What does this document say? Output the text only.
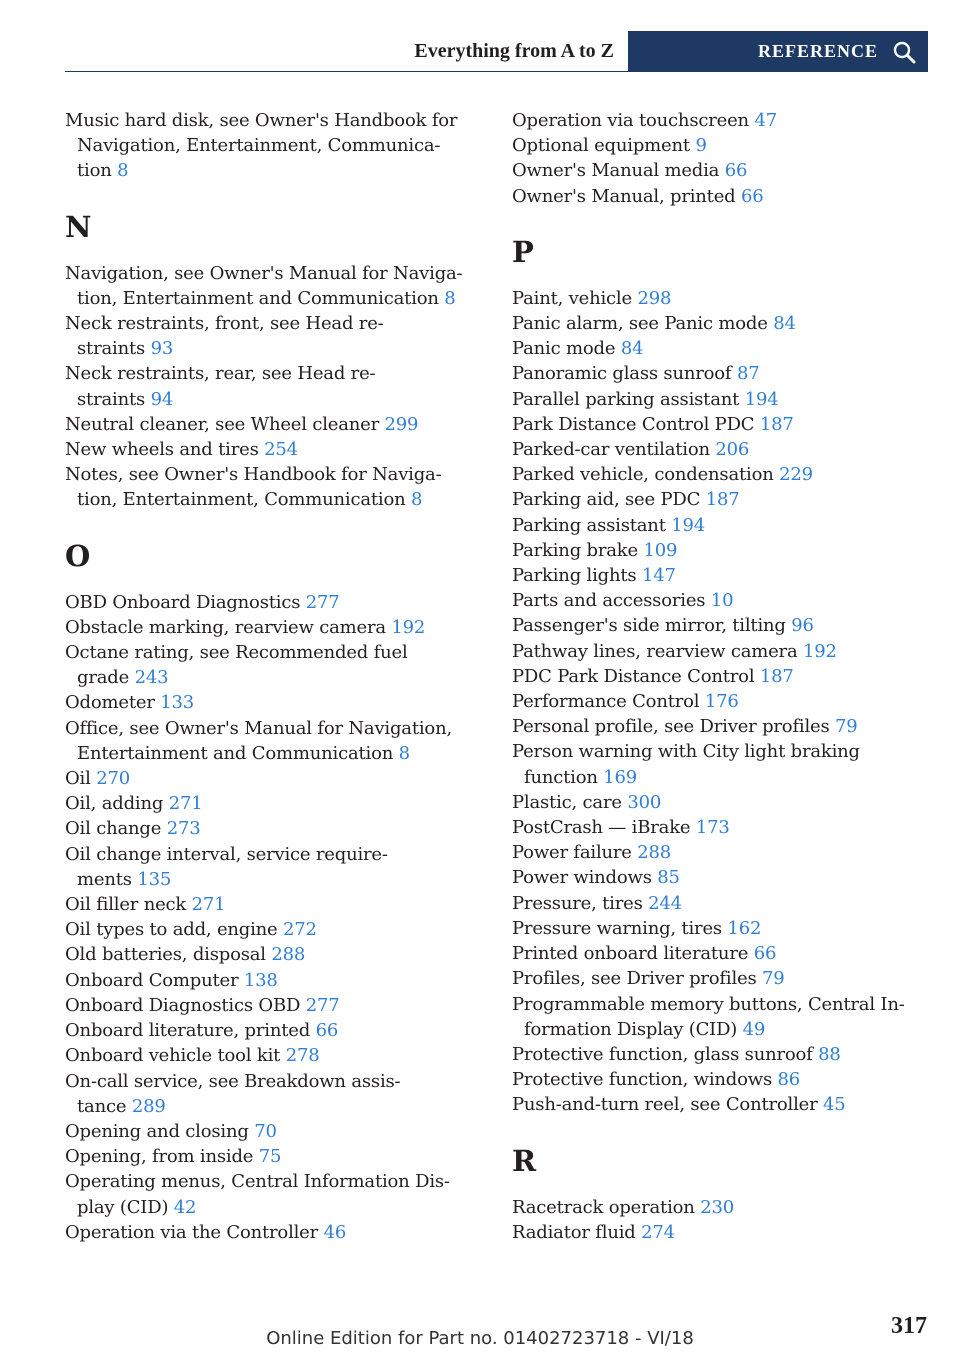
Everything from A to Z	REFERENCE
Music hard disk, see Owner's Handbook for
Navigation, Entertainment, Communica-
tion 8
N
Navigation, see Owner's Manual for Naviga-
tion, Entertainment and Communication 8
Neck restraints, front, see Head re-
straints 93
Neck restraints, rear, see Head re-
straints 94
Neutral cleaner, see Wheel cleaner 299
New wheels and tires 254
Notes, see Owner's Handbook for Naviga-
tion, Entertainment, Communication 8
O
OBD Onboard Diagnostics 277
Obstacle marking, rearview camera 192
Octane rating, see Recommended fuel
grade 243
Odometer 133
Office, see Owner's Manual for Navigation,
Entertainment and Communication 8
Oil 270
Oil, adding 271
Oil change 273
Oil change interval, service require-
ments 135
Oil filler neck 271
Oil types to add, engine 272
Old batteries, disposal 288
Onboard Computer 138
Onboard Diagnostics OBD 277
Onboard literature, printed 66
Onboard vehicle tool kit 278
On-call service, see Breakdown assis-
tance 289
Opening and closing 70
Opening, from inside 75
Operating menus, Central Information Dis-
play (CID) 42
Operation via the Controller 46
Operation via touchscreen 47
Optional equipment 9
Owner's Manual media 66
Owner's Manual, printed 66
P
Paint, vehicle 298
Panic alarm, see Panic mode 84
Panic mode 84
Panoramic glass sunroof 87
Parallel parking assistant 194
Park Distance Control PDC 187
Parked-car ventilation 206
Parked vehicle, condensation 229
Parking aid, see PDC 187
Parking assistant 194
Parking brake 109
Parking lights 147
Parts and accessories 10
Passenger's side mirror, tilting 96
Pathway lines, rearview camera 192
PDC Park Distance Control 187
Performance Control 176
Personal profile, see Driver profiles 79
Person warning with City light braking
function 169
Plastic, care 300
PostCrash — iBrake 173
Power failure 288
Power windows 85
Pressure, tires 244
Pressure warning, tires 162
Printed onboard literature 66
Profiles, see Driver profiles 79
Programmable memory buttons, Central In-
formation Display (CID) 49
Protective function, glass sunroof 88
Protective function, windows 86
Push-and-turn reel, see Controller 45
R
Racetrack operation 230
Radiator fluid 274
317
Online Edition for Part no. 01402723718 - VI/18
